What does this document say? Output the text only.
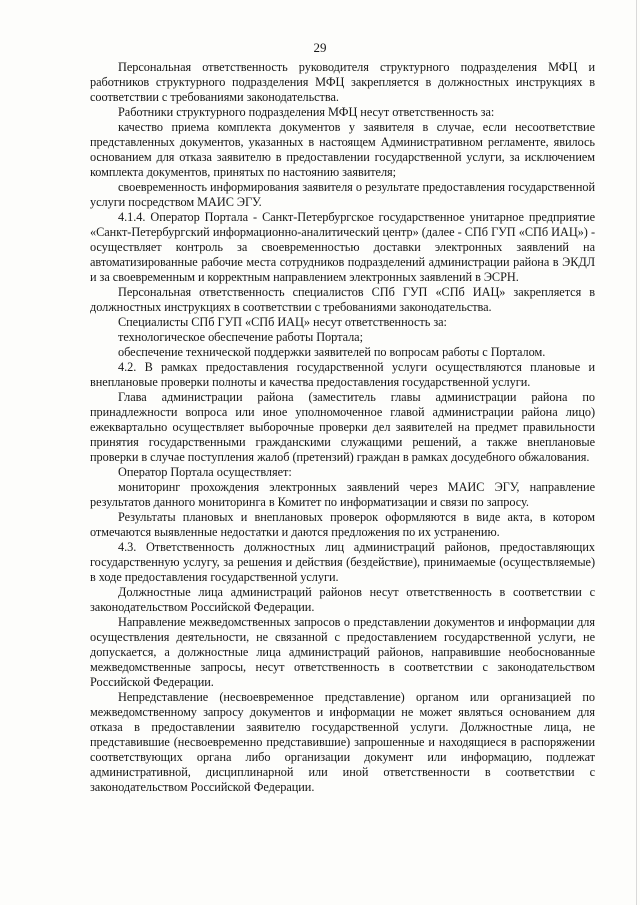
29

Персональная ответственность руководителя структурного подразделения МФЦ и работников структурного подразделения МФЦ закрепляется в должностных инструкциях в соответствии с требованиями законодательства.

Работники структурного подразделения МФЦ несут ответственность за:

качество приема комплекта документов у заявителя в случае, если несоответствие представленных документов, указанных в настоящем Административном регламенте, явилось основанием для отказа заявителю в предоставлении государственной услуги, за исключением комплекта документов, принятых по настоянию заявителя;

своевременность информирования заявителя о результате предоставления государственной услуги посредством МАИС ЭГУ.

4.1.4. Оператор Портала - Санкт-Петербургское государственное унитарное предприятие «Санкт-Петербургский информационно-аналитический центр» (далее - СПб ГУП «СПб ИАЦ») - осуществляет контроль за своевременностью доставки электронных заявлений на автоматизированные рабочие места сотрудников подразделений администрации района в ЭКДЛ и за своевременным и корректным направлением электронных заявлений в ЭСРН.

Персональная ответственность специалистов СПб ГУП «СПб ИАЦ» закрепляется в должностных инструкциях в соответствии с требованиями законодательства.

Специалисты СПб ГУП «СПб ИАЦ» несут ответственность за:

технологическое обеспечение работы Портала;

обеспечение технической поддержки заявителей по вопросам работы с Порталом.

4.2. В рамках предоставления государственной услуги осуществляются плановые и внеплановые проверки полноты и качества предоставления государственной услуги.

Глава администрации района (заместитель главы администрации района по принадлежности вопроса или иное уполномоченное главой администрации района лицо) ежеквартально осуществляет выборочные проверки дел заявителей на предмет правильности принятия государственными гражданскими служащими решений, а также внеплановые проверки в случае поступления жалоб (претензий) граждан в рамках досудебного обжалования.

Оператор Портала осуществляет:

мониторинг прохождения электронных заявлений через МАИС ЭГУ, направление результатов данного мониторинга в Комитет по информатизации и связи по запросу.

Результаты плановых и внеплановых проверок оформляются в виде акта, в котором отмечаются выявленные недостатки и даются предложения по их устранению.

4.3. Ответственность должностных лиц администраций районов, предоставляющих государственную услугу, за решения и действия (бездействие), принимаемые (осуществляемые) в ходе предоставления государственной услуги.

Должностные лица администраций районов несут ответственность в соответствии с законодательством Российской Федерации.

Направление межведомственных запросов о представлении документов и информации для осуществления деятельности, не связанной с предоставлением государственной услуги, не допускается, а должностные лица администраций районов, направившие необоснованные межведомственные запросы, несут ответственность в соответствии с законодательством Российской Федерации.

Непредставление (несвоевременное представление) органом или организацией по межведомственному запросу документов и информации не может являться основанием для отказа в предоставлении заявителю государственной услуги. Должностные лица, не представившие (несвоевременно представившие) запрошенные и находящиеся в распоряжении соответствующих органа либо организации документ или информацию, подлежат административной, дисциплинарной или иной ответственности в соответствии с законодательством Российской Федерации.
